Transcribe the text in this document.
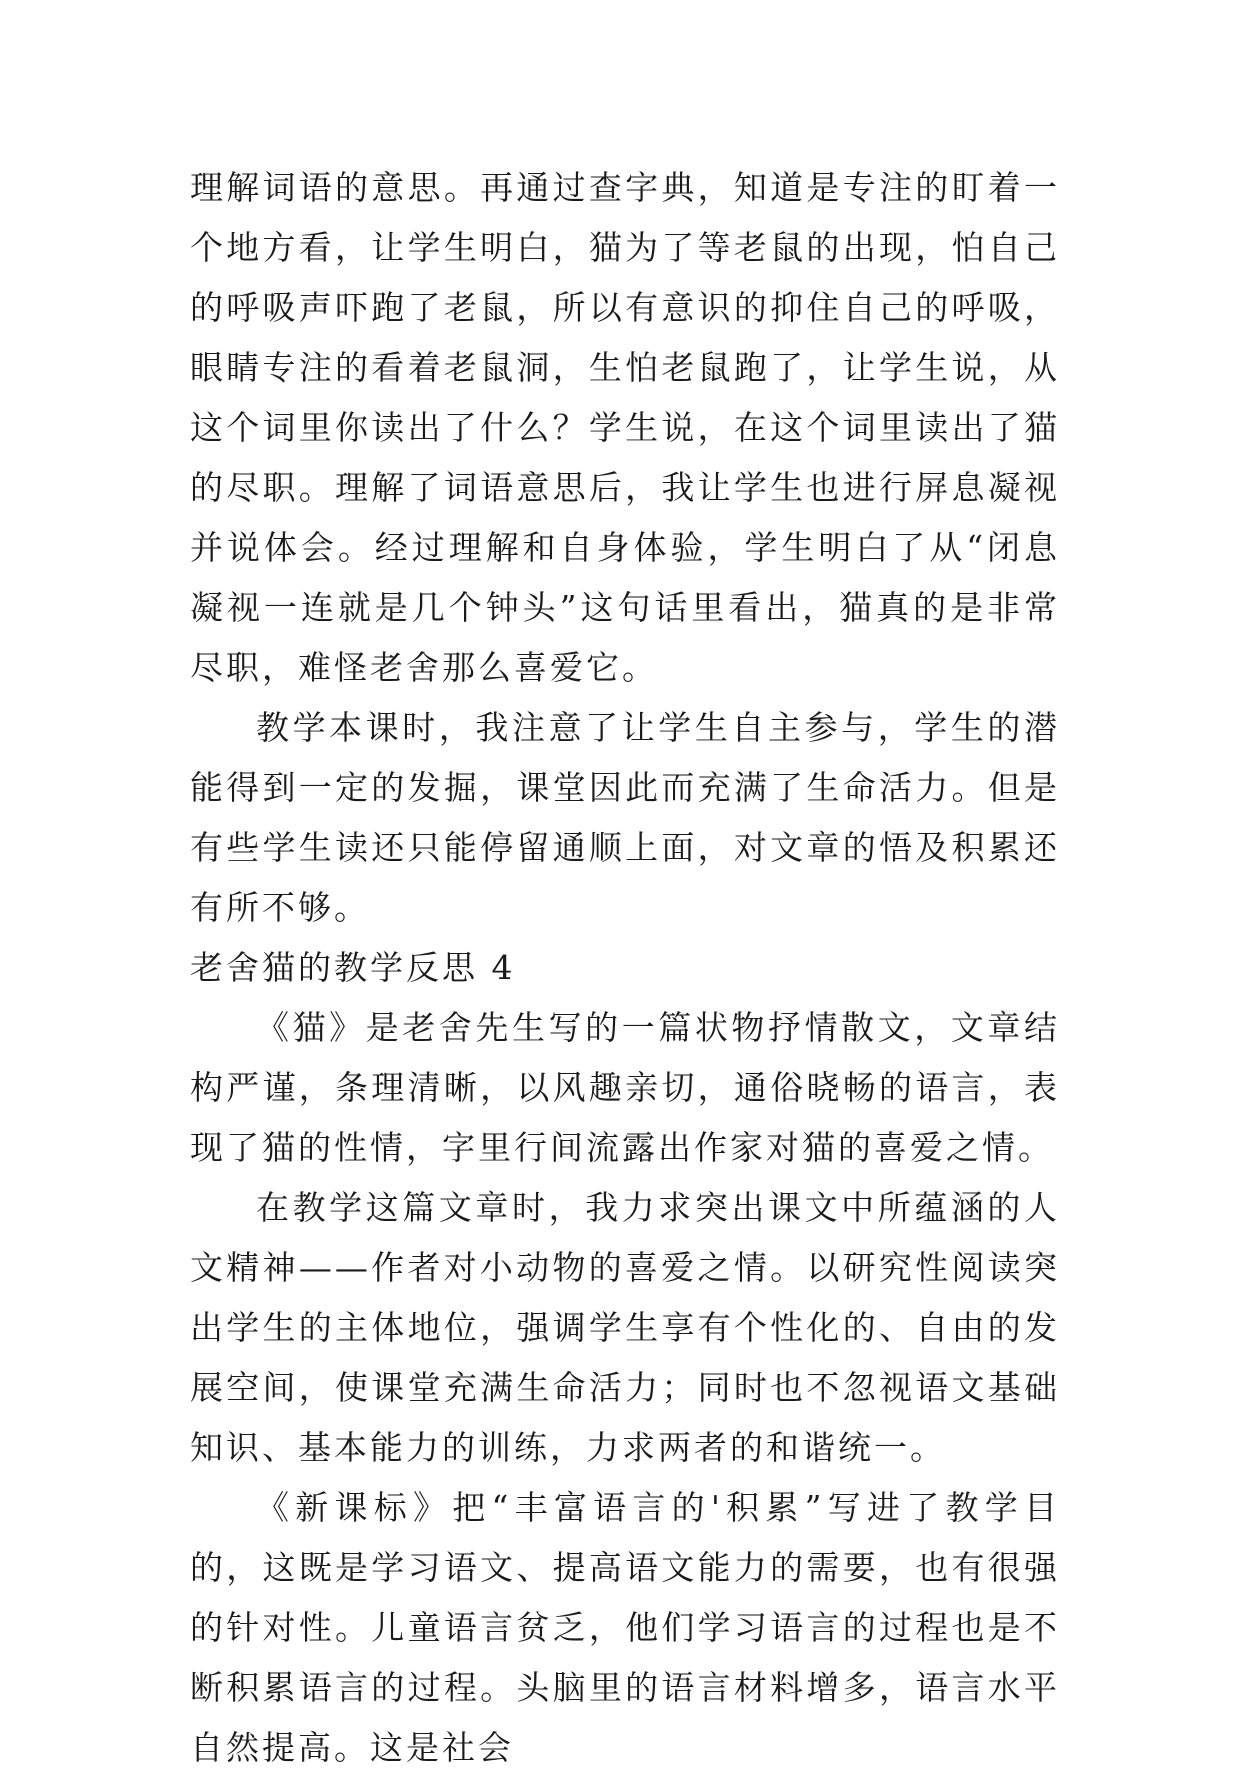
理解词语的意思。再通过查字典，知道是专注的盯着一个地方看，让学生明白，猫为了等老鼠的出现，怕自己的呼吸声吓跑了老鼠，所以有意识的抑住自己的呼吸，眼睛专注的看着老鼠洞，生怕老鼠跑了，让学生说，从这个词里你读出了什么？学生说，在这个词里读出了猫的尽职。理解了词语意思后，我让学生也进行屏息凝视并说体会。经过理解和自身体验，学生明白了从“闭息凝视一连就是几个钟头”这句话里看出，猫真的是非常尽职，难怪老舍那么喜爱它。

教学本课时，我注意了让学生自主参与，学生的潜能得到一定的发掘，课堂因此而充满了生命活力。但是有些学生读还只能停留通顺上面，对文章的悟及积累还有所不够。

老舍猫的教学反思 4

《猫》是老舍先生写的一篇状物抒情散文，文章结构严谨，条理清晰，以风趣亲切，通俗晓畅的语言，表现了猫的性情，字里行间流露出作家对猫的喜爱之情。

在教学这篇文章时，我力求突出课文中所蕴涵的人文精神——作者对小动物的喜爱之情。以研究性阅读突出学生的主体地位，强调学生享有个性化的、自由的发展空间，使课堂充满生命活力；同时也不忽视语文基础知识、基本能力的训练，力求两者的和谐统一。

《新课标》把“丰富语言的'积累”写进了教学目的，这既是学习语文、提高语文能力的需要，也有很强的针对性。儿童语言贫乏，他们学习语言的过程也是不断积累语言的过程。头脑里的语言材料增多，语言水平自然提高。这是社会
